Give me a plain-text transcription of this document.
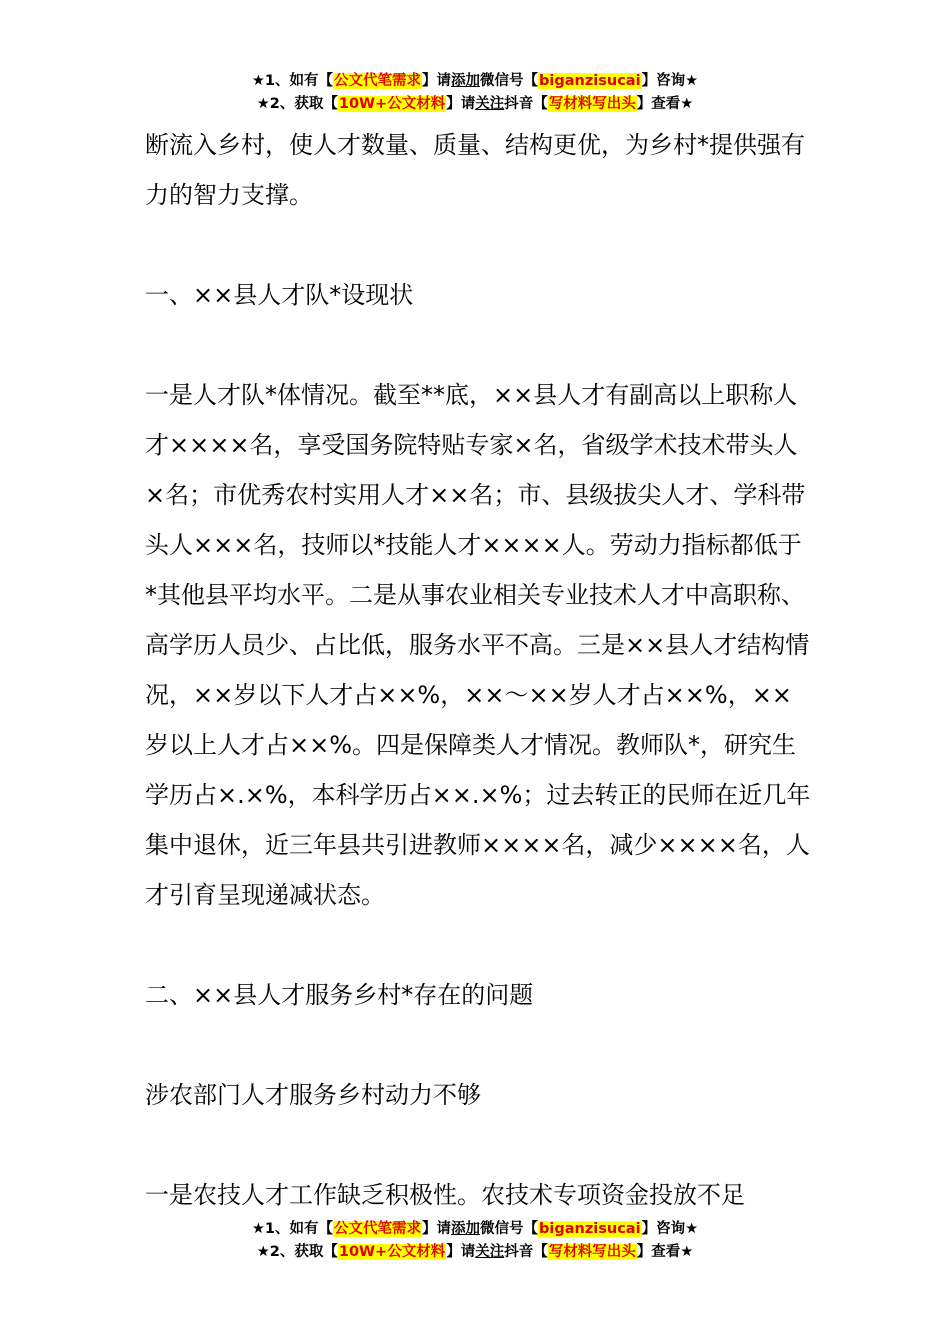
★1、如有【公文代笔需求】请添加微信号【biganzisucai】咨询★
★2、获取【10W+公文材料】请关注抖音【写材料写出头】查看★

断流入乡村，使人才数量、质量、结构更优，为乡村*提供强有力的智力支撑。

一、××县人才队*设现状

一是人才队*体情况。截至**底，××县人才有副高以上职称人才××××名，享受国务院特贴专家×名，省级学术技术带头人×名；市优秀农村实用人才××名；市、县级拔尖人才、学科带头人×××名，技师以*技能人才××××人。劳动力指标都低于*其他县平均水平。二是从事农业相关专业技术人才中高职称、高学历人员少、占比低，服务水平不高。三是××县人才结构情况，××岁以下人才占××%，××～××岁人才占××%，××岁以上人才占××%。四是保障类人才情况。教师队*，研究生学历占×.×%，本科学历占××.×%；过去转正的民师在近几年集中退休，近三年县共引进教师××××名，减少××××名，人才引育呈现递减状态。

二、××县人才服务乡村*存在的问题

涉农部门人才服务乡村动力不够

一是农技人才工作缺乏积极性。农技术专项资金投放不足

★1、如有【公文代笔需求】请添加微信号【biganzisucai】咨询★
★2、获取【10W+公文材料】请关注抖音【写材料写出头】查看★
